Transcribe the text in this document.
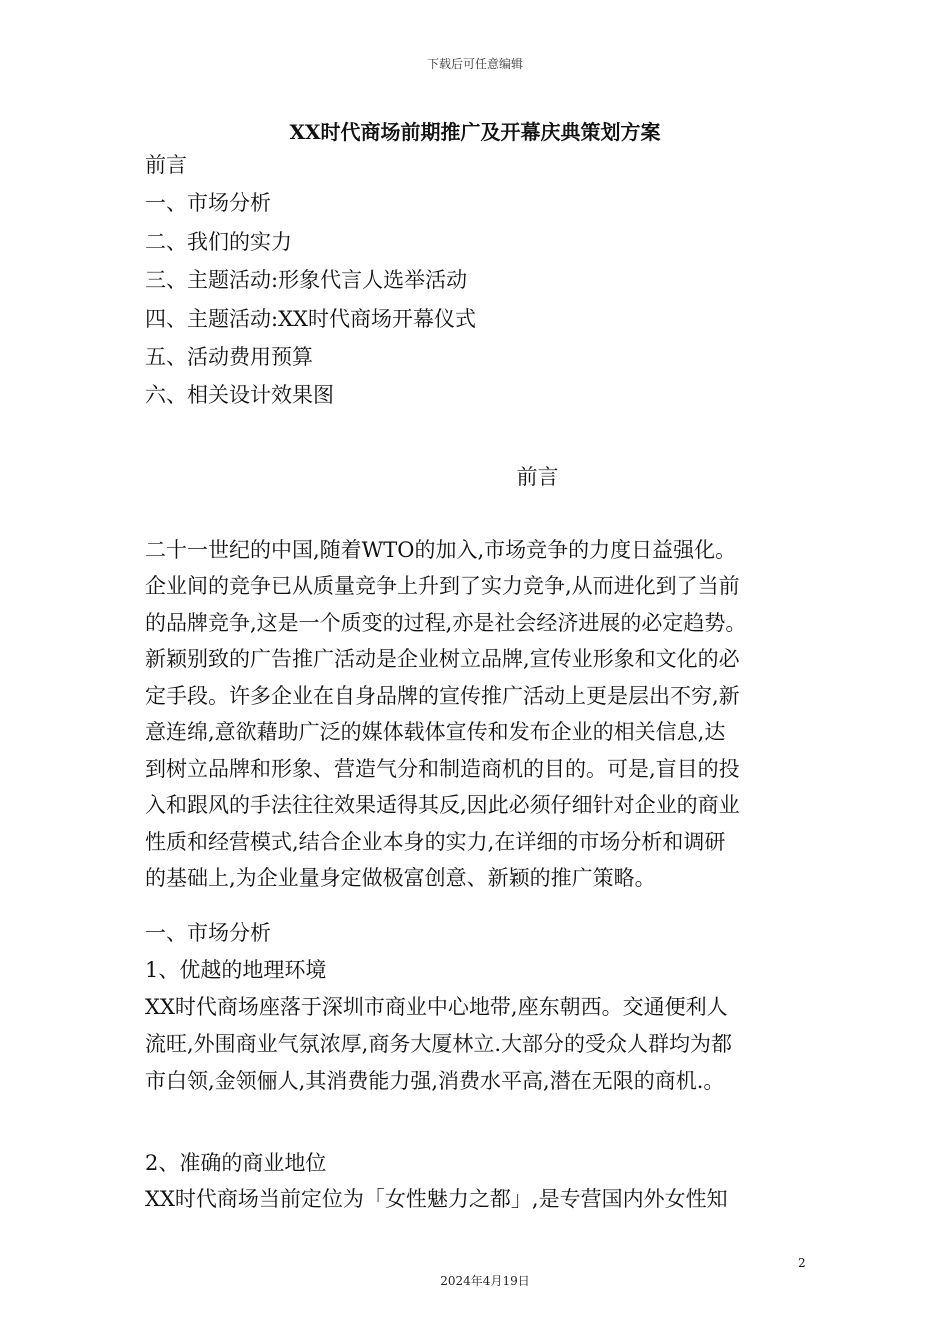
下载后可任意编辑
XX时代商场前期推广及开幕庆典策划方案
前言
一、市场分析
二、我们的实力
三、主题活动:形象代言人选举活动
四、主题活动:XX时代商场开幕仪式
五、活动费用预算
六、相关设计效果图
前言
二十一世纪的中国,随着WTO的加入,市场竞争的力度日益强化。
企业间的竞争已从质量竞争上升到了实力竞争,从而进化到了当前
的品牌竞争,这是一个质变的过程,亦是社会经济进展的必定趋势。
新颖别致的广告推广活动是企业树立品牌,宣传业形象和文化的必
定手段。许多企业在自身品牌的宣传推广活动上更是层出不穷,新
意连绵,意欲藉助广泛的媒体载体宣传和发布企业的相关信息,达
到树立品牌和形象、营造气分和制造商机的目的。可是,盲目的投
入和跟风的手法往往效果适得其反,因此必须仔细针对企业的商业
性质和经营模式,结合企业本身的实力,在详细的市场分析和调研
的基础上,为企业量身定做极富创意、新颖的推广策略。
一、市场分析
1、优越的地理环境
XX时代商场座落于深圳市商业中心地带,座东朝西。交通便利人
流旺,外围商业气氛浓厚,商务大厦林立.大部分的受众人群均为都
市白领,金领俪人,其消费能力强,消费水平高,潜在无限的商机.。
2、准确的商业地位
XX时代商场当前定位为「女性魅力之都」,是专营国内外女性知
2
2024年4月19日
